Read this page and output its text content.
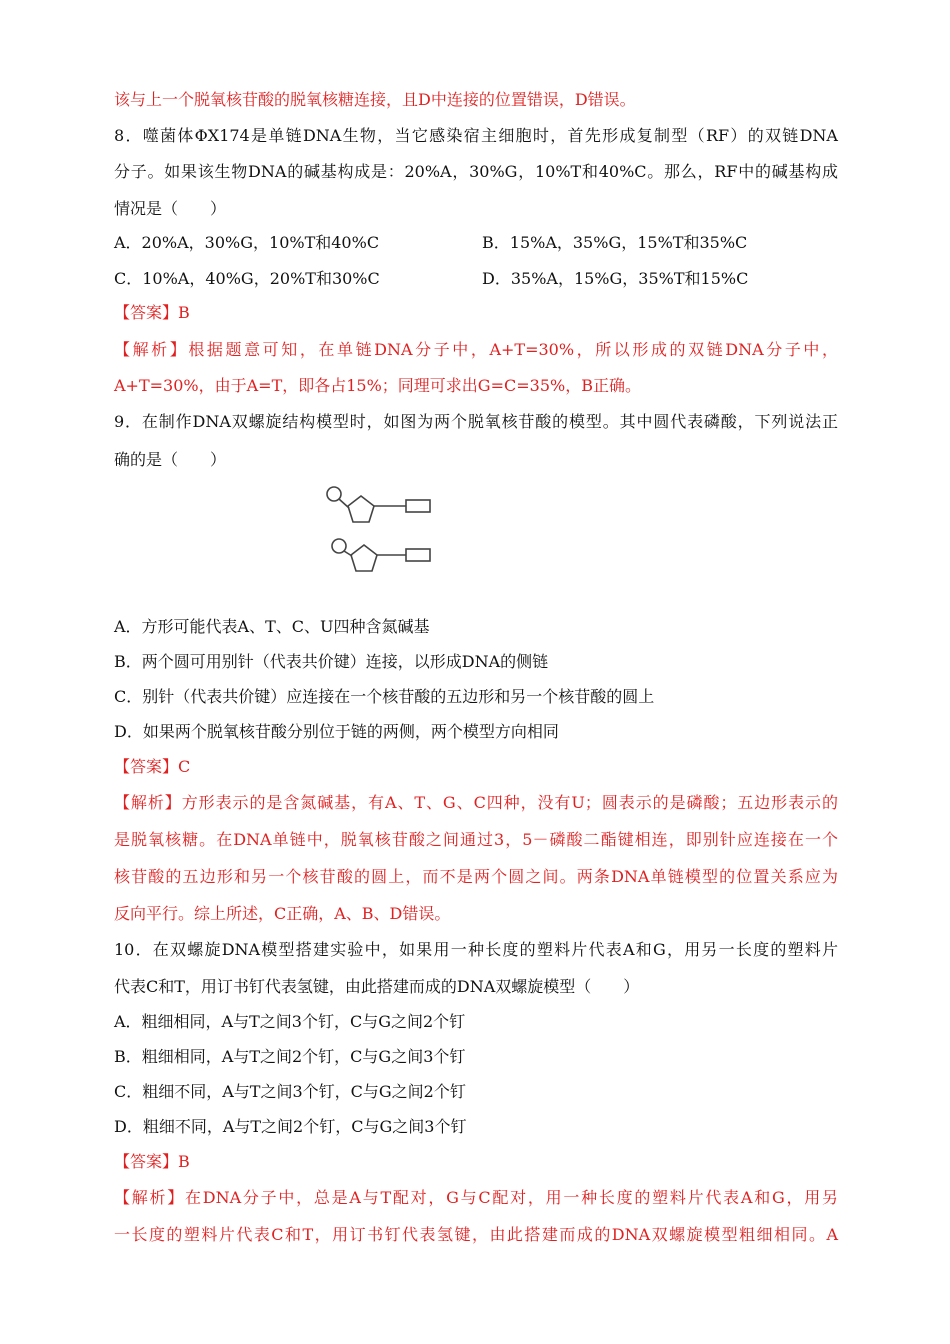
该与上一个脱氧核苷酸的脱氧核糖连接，且D中连接的位置错误，D错误。
8．噬菌体ΦX174是单链DNA生物，当它感染宿主细胞时，首先形成复制型（RF）的双链DNA
分子。如果该生物DNA的碱基构成是：20%A，30%G，10%T和40%C。那么，RF中的碱基构成
情况是（　　）
A．20%A，30%G，10%T和40%C	B．15%A，35%G，15%T和35%C
C．10%A，40%G，20%T和30%C	D．35%A，15%G，35%T和15%C
【答案】B
【解析】根据题意可知，在单链DNA分子中，A+T=30%，所以形成的双链DNA分子中，
A+T=30%，由于A=T，即各占15%；同理可求出G=C=35%，B正确。
9．在制作DNA双螺旋结构模型时，如图为两个脱氧核苷酸的模型。其中圆代表磷酸，下列说法正
确的是（　　）
A．方形可能代表A、T、C、U四种含氮碱基
B．两个圆可用别针（代表共价键）连接，以形成DNA的侧链
C．别针（代表共价键）应连接在一个核苷酸的五边形和另一个核苷酸的圆上
D．如果两个脱氧核苷酸分别位于链的两侧，两个模型方向相同
【答案】C
【解析】方形表示的是含氮碱基，有A、T、G、C四种，没有U；圆表示的是磷酸；五边形表示的
是脱氧核糖。在DNA单链中，脱氧核苷酸之间通过3，5－磷酸二酯键相连，即别针应连接在一个
核苷酸的五边形和另一个核苷酸的圆上，而不是两个圆之间。两条DNA单链模型的位置关系应为
反向平行。综上所述，C正确，A、B、D错误。
10．在双螺旋DNA模型搭建实验中，如果用一种长度的塑料片代表A和G，用另一长度的塑料片
代表C和T，用订书钉代表氢键，由此搭建而成的DNA双螺旋模型（　　）
A．粗细相同，A与T之间3个钉，C与G之间2个钉
B．粗细相同，A与T之间2个钉，C与G之间3个钉
C．粗细不同，A与T之间3个钉，C与G之间2个钉
D．粗细不同，A与T之间2个钉，C与G之间3个钉
【答案】B
【解析】在DNA分子中，总是A与T配对，G与C配对，用一种长度的塑料片代表A和G，用另
一长度的塑料片代表C和T，用订书钉代表氢键，由此搭建而成的DNA双螺旋模型粗细相同。A
